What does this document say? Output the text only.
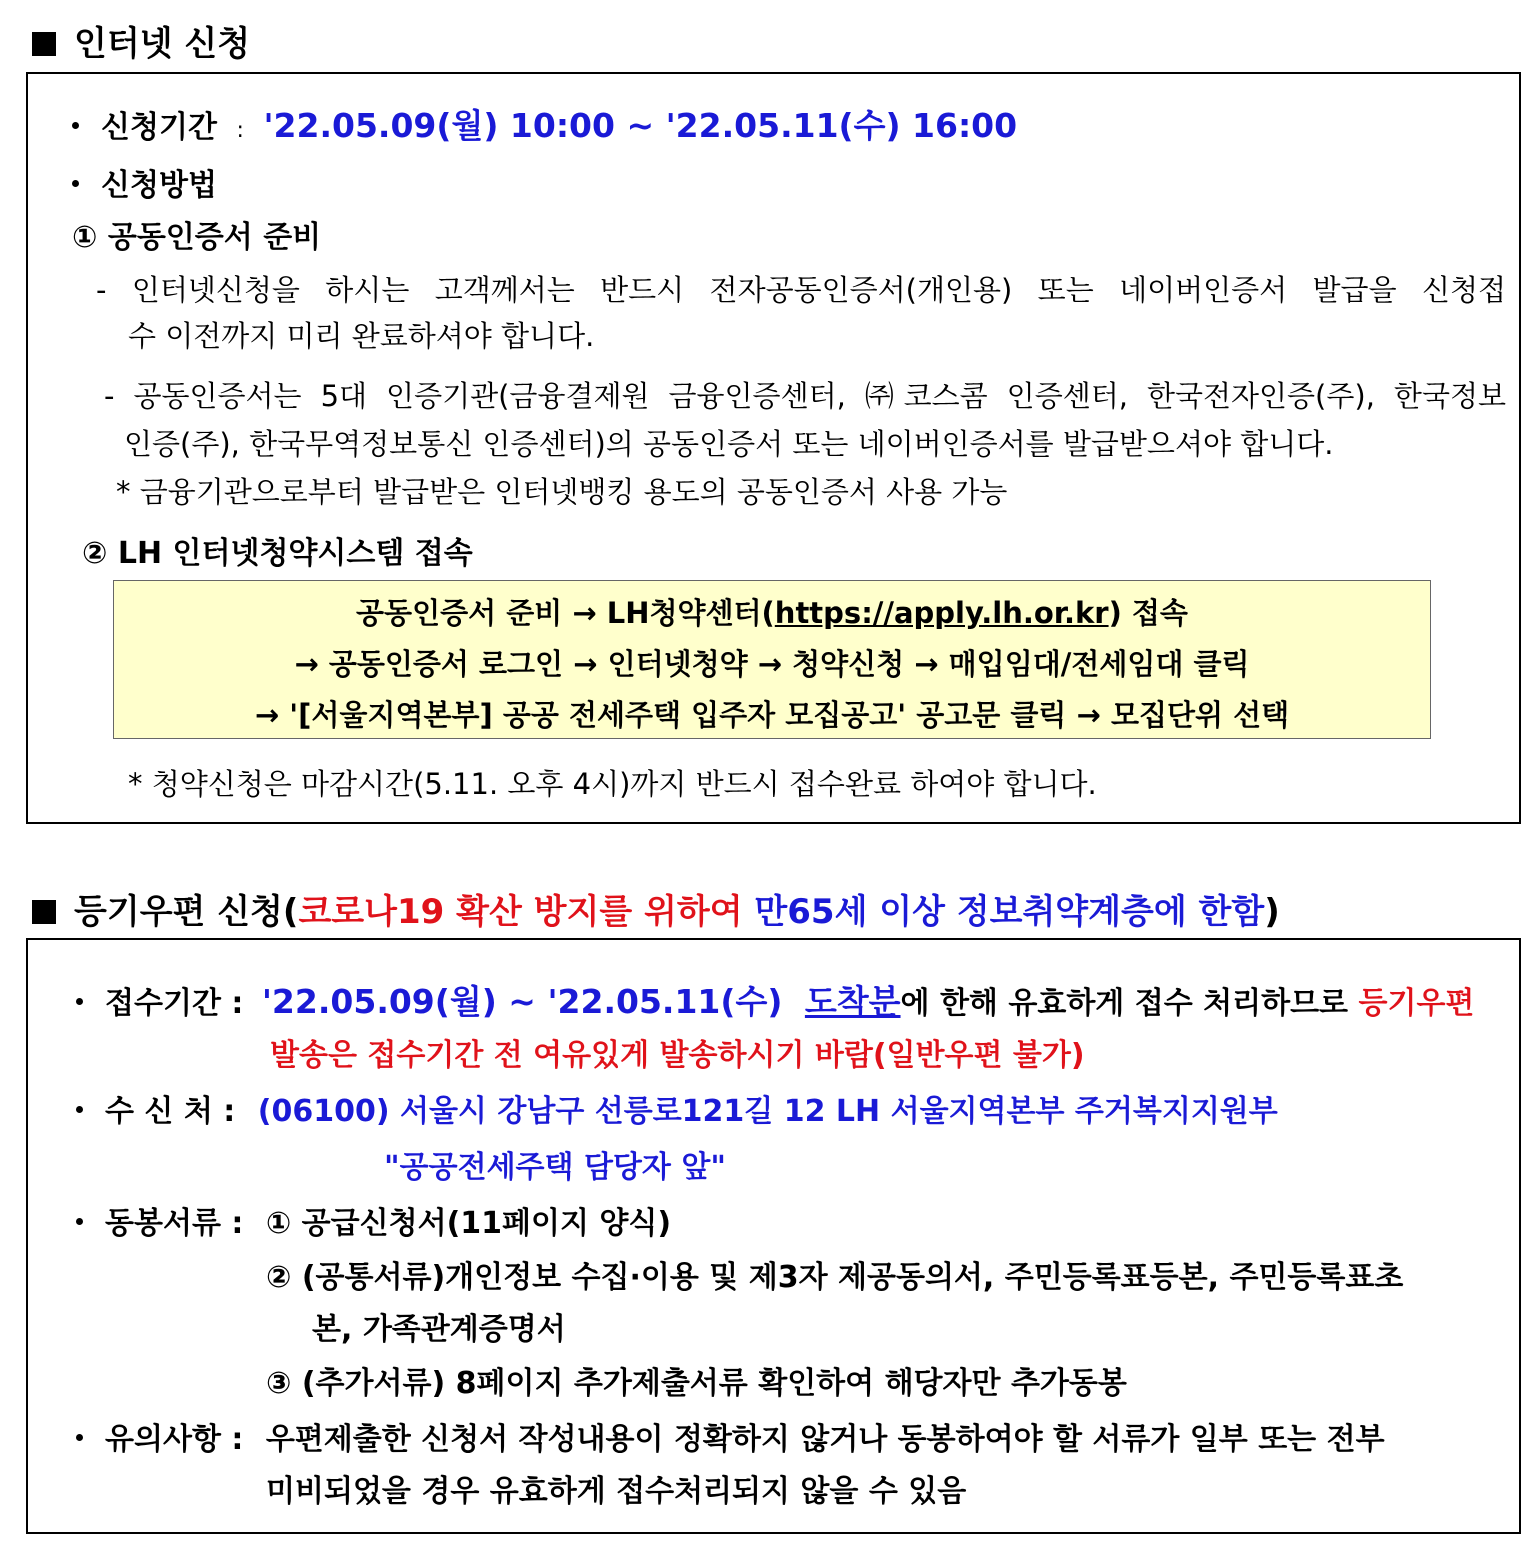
인터넷 신청
신청기간 : '22.05.09(월) 10:00 ~ '22.05.11(수) 16:00
신청방법
① 공동인증서 준비
- 인터넷신청을 하시는 고객께서는 반드시 전자공동인증서(개인용) 또는 네이버인증서 발급을 신청접
수 이전까지 미리 완료하셔야 합니다.
- 공동인증서는 5대 인증기관(금융결제원 금융인증센터, ㈜코스콤 인증센터, 한국전자인증(주), 한국정보
인증(주), 한국무역정보통신 인증센터)의 공동인증서 또는 네이버인증서를 발급받으셔야 합니다.
* 금융기관으로부터 발급받은 인터넷뱅킹 용도의 공동인증서 사용 가능
② LH 인터넷청약시스템 접속
공동인증서 준비 → LH청약센터(https://apply.lh.or.kr) 접속
→ 공동인증서 로그인 → 인터넷청약 → 청약신청 → 매입임대/전세임대 클릭
→ '[서울지역본부] 공공 전세주택 입주자 모집공고' 공고문 클릭 → 모집단위 선택
* 청약신청은 마감시간(5.11. 오후 4시)까지 반드시 접수완료 하여야 합니다.
등기우편 신청(코로나19 확산 방지를 위하여 만65세 이상 정보취약계층에 한함)
접수기간 : '22.05.09(월) ~ '22.05.11(수) 도착분에 한해 유효하게 접수 처리하므로 등기우편
발송은 접수기간 전 여유있게 발송하시기 바람(일반우편 불가)
수 신 처 : (06100) 서울시 강남구 선릉로121길 12 LH 서울지역본부 주거복지지원부
"공공전세주택 담당자 앞"
동봉서류 : ① 공급신청서(11페이지 양식)
② (공통서류)개인정보 수집·이용 및 제3자 제공동의서, 주민등록표등본, 주민등록표초
본, 가족관계증명서
③ (추가서류) 8페이지 추가제출서류 확인하여 해당자만 추가동봉
유의사항 : 우편제출한 신청서 작성내용이 정확하지 않거나 동봉하여야 할 서류가 일부 또는 전부
미비되었을 경우 유효하게 접수처리되지 않을 수 있음
